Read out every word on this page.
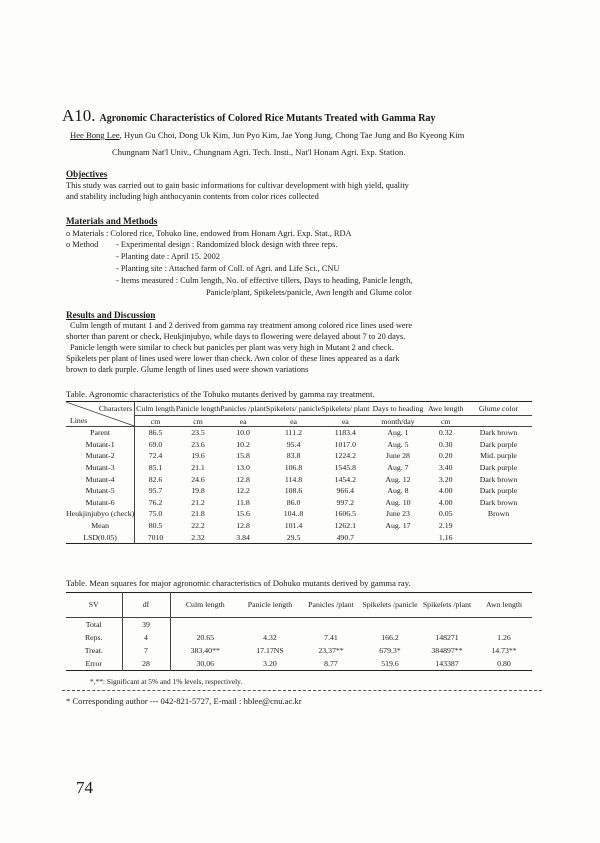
A10. Agronomic Characteristics of Colored Rice Mutants Treated with Gamma Ray
Hee Bong Lee, Hyun Gu Choi, Dong Uk Kim, Jun Pyo Kim, Jae Yong Jung, Chong Tae Jung and Bo Kyeong Kim
Chungnam Nat'l Univ., Chungnam Agri. Tech. Insti., Nat'l Honam Agri. Exp. Station.
Objectives
This study was carried out to gain basic informations for cultivar development with high yield, quality
and stability including high anthocyanin contents from color rices collected
Materials and Methods
o Materials : Colored rice, Tohuko line, endowed from Honam Agri. Exp. Stat., RDA
o Method - Experimental design : Randomized block design with three reps.
- Planting date : April 15. 2002
- Planting site : Attached farm of Coll. of Agri. and Life Sci., CNU
- Items measured : Culm length, No. of effective tillers, Days to heading, Panicle length,
Panicle/plant, Spikelets/panicle, Awn length and Glume color
Results and Discussion
Culm length of mutant 1 and 2 derived from gamma ray treatment among colored rice lines used were
shorter than parent or check, Heukjinjubyo, while days to flowering were delayed about 7 to 20 days.
Panicle length were similar to check but panicles per plant was very high in Mutant 2 and check.
Spikelets per plant of lines used were lower than check. Awn color of these lines appeared as a dark
brown to dark purple. Glume length of lines used were shown variations
Table. Agronomic characteristics of the Tohuko mutants derived by gamma ray treatment.
Characters
Lines	Culm length	Panicle length	Panicles /plant	Spikelets/ panicle	Spikelets/ plant	Days to heading	Awe length	Glume color
	cm	cm	ea	ea	ea	month/day	cm	
Parent	86.5	23.5	10.0	111.2	1183.4	Aug. 1	0.32	Dark brown
Mutant-1	69.0	23.6	10.2	95.4	1017.0	Aug. 5	0.30	Dark purple
Mutant-2	72.4	19.6	15.8	83.8	1224.2	June 28	0.20	Mid. purple
Mutant-3	85.1	21.1	13.0	106.8	1545.8	Aug. 7	3.40	Dark purple
Mutant-4	82.6	24.6	12.8	114.8	1454.2	Aug. 12	3.20	Dark brown
Mutant-5	95.7	19.8	12.2	108.6	966.4	Aug. 8	4.00	Dark purple
Mutant-6	76.2	21.2	11.8	86.0	997.2	Aug. 10	4.00	Dark brown
Heukjinjubyo (check)	75.0	21.8	15.6	104..8	1606.5	June 23	0.05	Brown
Mean	80.5	22.2	12.8	101.4	1262.1	Aug. 17	2.19	
LSD(0.05)	7010	2.32	3.84	29.5	490.7		1.16	
Table. Mean squares for major agronomic characteristics of Dohuko mutants derived by gamma ray.
SV	df	Culm length	Panicle length	Panicles /plant	Spikelets /panicle	Spikelets /plant	Awn length
Total	39						
Reps.	4	20.65	4.32	7.41	166.2	148271	1.26
Treat.	7	383.40**	17.17NS	23.37**	679.3*	384897**	14.73**
Error	28	30.06	3.20	8.77	519.6	143387	0.80
*,**: Significant at 5% and 1% levels, respectively.
* Corresponding author --- 042-821-5727, E-mail : hblee@cnu.ac.kr
74
